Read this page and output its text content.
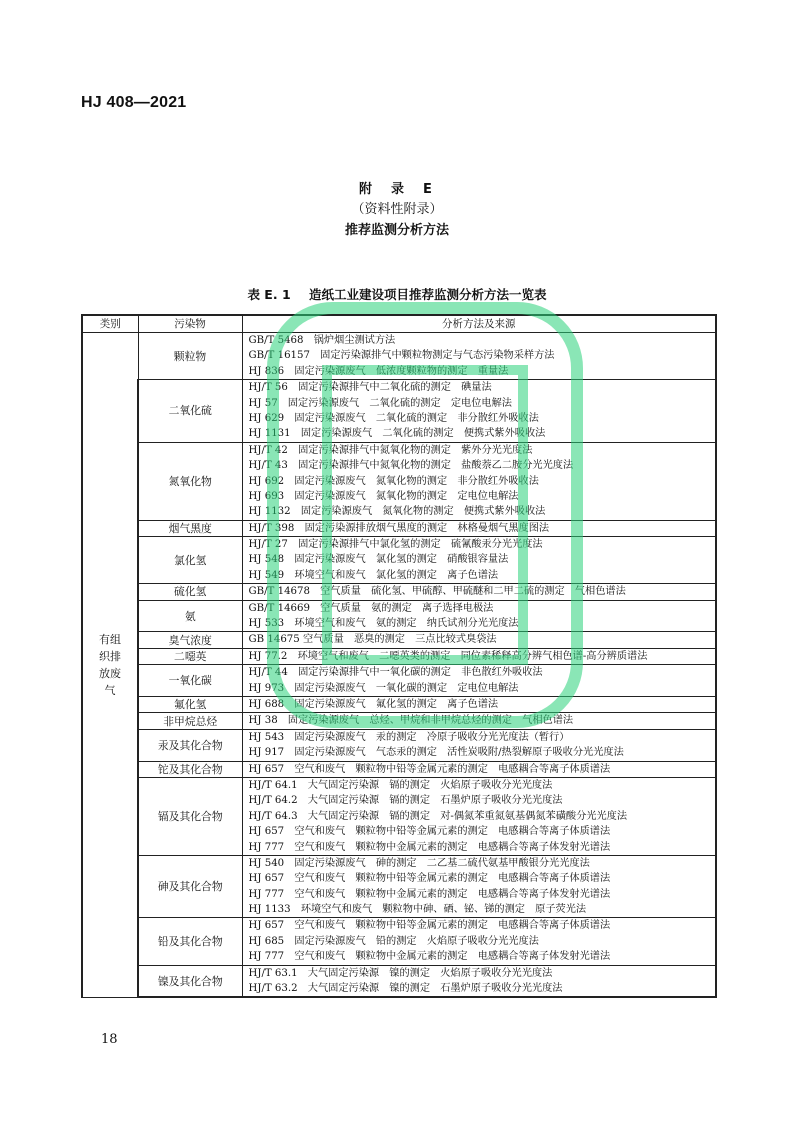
HJ 408—2021
附　录　E
（资料性附录）
推荐监测分析方法
表 E. 1 造纸工业建设项目推荐监测分析方法一览表
类别	污染物	分析方法及来源
有组
织排
放废
气	颗粒物	GB/T 5468　锅炉烟尘测试方法
GB/T 16157　固定污染源排气中颗粒物测定与气态污染物采样方法
HJ 836　固定污染源废气　低浓度颗粒物的测定　重量法

	二氧化硫	HJ/T 56　固定污染源排气中二氧化硫的测定　碘量法
HJ 57　固定污染源废气　二氧化硫的测定　定电位电解法
HJ 629　固定污染源废气　二氧化硫的测定　非分散红外吸收法
HJ 1131　固定污染源废气　二氧化硫的测定　便携式紫外吸收法

	氮氧化物	HJ/T 42　固定污染源排气中氮氧化物的测定　紫外分光光度法
HJ/T 43　固定污染源排气中氮氧化物的测定　盐酸萘乙二胺分光光度法
HJ 692　固定污染源废气　氮氧化物的测定　非分散红外吸收法
HJ 693　固定污染源废气　氮氧化物的测定　定电位电解法
HJ 1132　固定污染源废气　氮氧化物的测定　便携式紫外吸收法

	烟气黑度	HJ/T 398　固定污染源排放烟气黑度的测定　林格曼烟气黑度图法

	氯化氢	HJ/T 27　固定污染源排气中氯化氢的测定　硫氰酸汞分光光度法
HJ 548　固定污染源废气　氯化氢的测定　硝酸银容量法
HJ 549　环境空气和废气　氯化氢的测定　离子色谱法

	硫化氢	GB/T 14678　空气质量　硫化氢、甲硫醇、甲硫醚和二甲二硫的测定　气相色谱法

	氨	GB/T 14669　空气质量　氨的测定　离子选择电极法
HJ 533　环境空气和废气　氨的测定　纳氏试剂分光光度法

	臭气浓度	GB 14675 空气质量　恶臭的测定　三点比较式臭袋法

	二噁英	HJ 77.2　环境空气和废气　二噁英类的测定　同位素稀释高分辨气相色谱-高分辨质谱法

	一氧化碳	HJ/T 44　固定污染源排气中一氧化碳的测定　非色散红外吸收法
HJ 973　固定污染源废气　一氧化碳的测定　定电位电解法

	氟化氢	HJ 688　固定污染源废气　氟化氢的测定　离子色谱法

	非甲烷总烃	HJ 38　固定污染源废气　总烃、甲烷和非甲烷总烃的测定　气相色谱法

	汞及其化合物	HJ 543　固定污染源废气　汞的测定　冷原子吸收分光光度法（暂行）
HJ 917　固定污染源废气　气态汞的测定　活性炭吸附/热裂解原子吸收分光光度法

	铊及其化合物	HJ 657　空气和废气　颗粒物中铅等金属元素的测定　电感耦合等离子体质谱法

	镉及其化合物	HJ/T 64.1　大气固定污染源　镉的测定　火焰原子吸收分光光度法
HJ/T 64.2　大气固定污染源　镉的测定　石墨炉原子吸收分光光度法
HJ/T 64.3　大气固定污染源　镉的测定　对-偶氮苯重氮氨基偶氮苯磺酸分光光度法
HJ 657　空气和废气　颗粒物中铅等金属元素的测定　电感耦合等离子体质谱法
HJ 777　空气和废气　颗粒物中金属元素的测定　电感耦合等离子体发射光谱法

	砷及其化合物	HJ 540　固定污染源废气　砷的测定　二乙基二硫代氨基甲酸银分光光度法
HJ 657　空气和废气　颗粒物中铅等金属元素的测定　电感耦合等离子体质谱法
HJ 777　空气和废气　颗粒物中金属元素的测定　电感耦合等离子体发射光谱法
HJ 1133　环境空气和废气　颗粒物中砷、硒、铋、锑的测定　原子荧光法

	铅及其化合物	HJ 657　空气和废气　颗粒物中铅等金属元素的测定　电感耦合等离子体质谱法
HJ 685　固定污染源废气　铅的测定　火焰原子吸收分光光度法
HJ 777　空气和废气　颗粒物中金属元素的测定　电感耦合等离子体发射光谱法

	镍及其化合物	HJ/T 63.1　大气固定污染源　镍的测定　火焰原子吸收分光光度法
HJ/T 63.2　大气固定污染源　镍的测定　石墨炉原子吸收分光光度法
18
